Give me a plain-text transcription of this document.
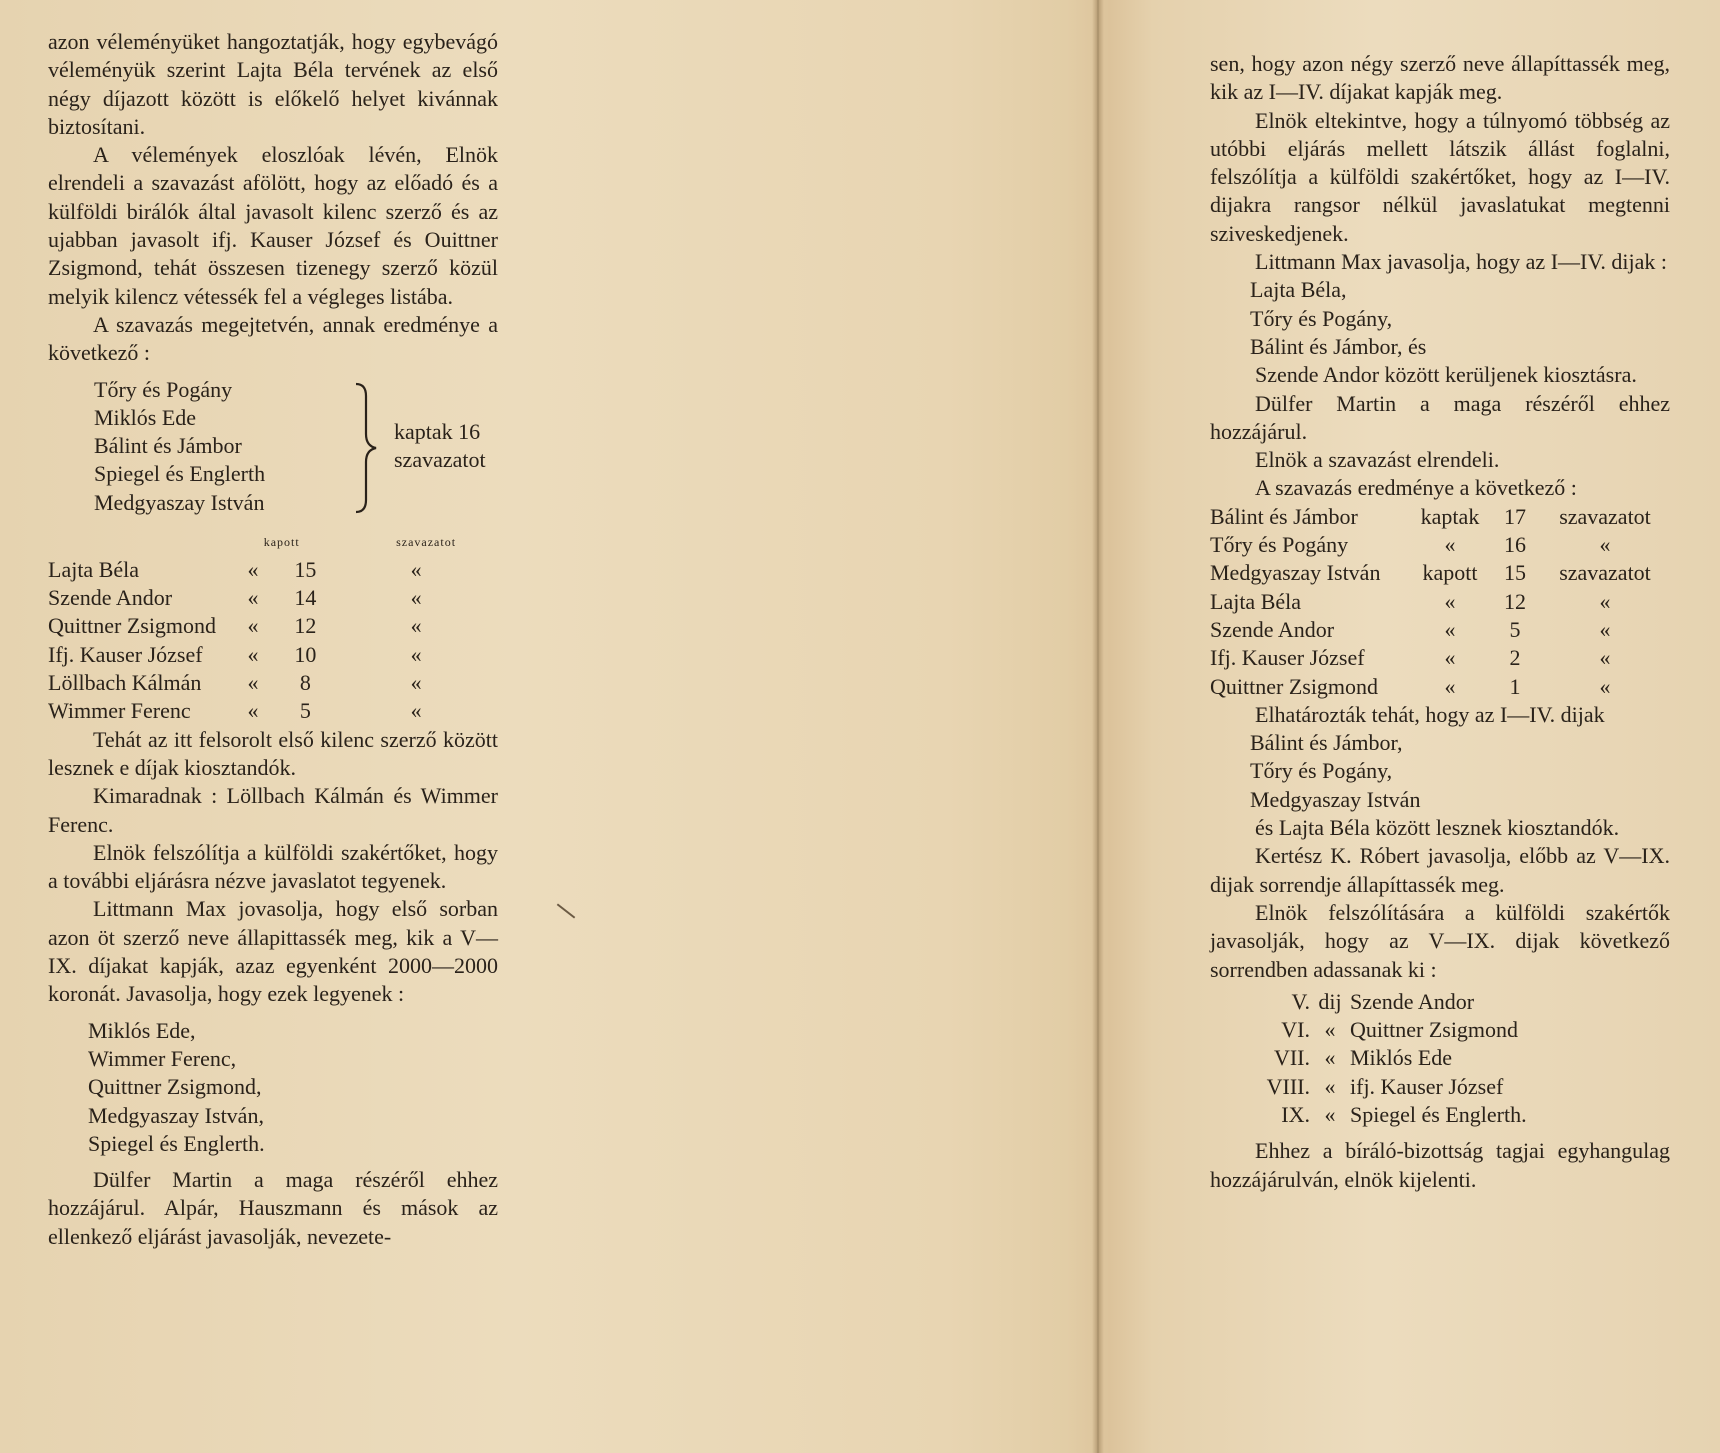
azon véleményüket hangoztatják, hogy egybevágó véleményük szerint Lajta Béla tervének az első négy díjazott között is előkelő helyet kivánnak biztosítani.

A vélemények eloszlóak lévén, Elnök elrendeli a szavazást afölött, hogy az előadó és a külföldi birálók által javasolt kilenc szerző és az ujabban javasolt ifj. Kauser József és Ouittner Zsigmond, tehát összesen tizenegy szerző közül melyik kilencz vétessék fel a végleges listába.

A szavazás megejtetvén, annak eredménye a következő :

Tőry és Pogány
Miklós Ede
Bálint és Jámbor
Spiegel és Englerth
Medgyaszay István
kaptak 16
szavazatot
	kapott		szavazatot
Lajta Béla	«	15	«
Szende Andor	«	14	«
Quittner Zsigmond	«	12	«
Ifj. Kauser József	«	10	«
Löllbach Kálmán	«	8	«
Wimmer Ferenc	«	5	«

Tehát az itt felsorolt első kilenc szerző között lesznek e díjak kiosztandók.

Kimaradnak : Löllbach Kálmán és Wimmer Ferenc.

Elnök felszólítja a külföldi szakértőket, hogy a további eljárásra nézve javaslatot tegyenek.

Littmann Max jovasolja, hogy első sorban azon öt szerző neve állapittassék meg, kik a V—IX. díjakat kapják, azaz egyenként 2000—2000 koronát. Javasolja, hogy ezek legyenek :

Miklós Ede,
Wimmer Ferenc,
Quittner Zsigmond,
Medgyaszay István,
Spiegel és Englerth.

Dülfer Martin a maga részéről ehhez hozzájárul. Alpár, Hauszmann és mások az ellenkező eljárást javasolják, nevezete-

sen, hogy azon négy szerző neve állapíttassék meg, kik az I—IV. díjakat kapják meg.

Elnök eltekintve, hogy a túlnyomó többség az utóbbi eljárás mellett látszik állást foglalni, felszólítja a külföldi szakértőket, hogy az I—IV. dijakra rangsor nélkül javaslatukat megtenni sziveskedjenek.

Littmann Max javasolja, hogy az I—IV. dijak :

Lajta Béla,
Tőry és Pogány,
Bálint és Jámbor, és

Szende Andor között kerüljenek kiosztásra.

Dülfer Martin a maga részéről ehhez hozzájárul.

Elnök a szavazást elrendeli.

A szavazás eredménye a következő :

Bálint és Jámbor	kaptak	17	szavazatot
Tőry és Pogány	«	16	«
Medgyaszay István	kapott	15	szavazatot
Lajta Béla	«	12	«
Szende Andor	«	5	«
Ifj. Kauser József	«	2	«
Quittner Zsigmond	«	1	«

Elhatározták tehát, hogy az I—IV. dijak

Bálint és Jámbor,
Tőry és Pogány,
Medgyaszay István

és Lajta Béla között lesznek kiosztandók.

Kertész K. Róbert javasolja, előbb az V—IX. dijak sorrendje állapíttassék meg.

Elnök felszólítására a külföldi szakértők javasolják, hogy az V—IX. dijak következő sorrendben adassanak ki :

V.	dij	Szende Andor
VI.	«	Quittner Zsigmond
VII.	«	Miklós Ede
VIII.	«	ifj. Kauser József
IX.	«	Spiegel és Englerth.

Ehhez a bíráló-bizottság tagjai egyhangulag hozzájárulván, elnök kijelenti.
